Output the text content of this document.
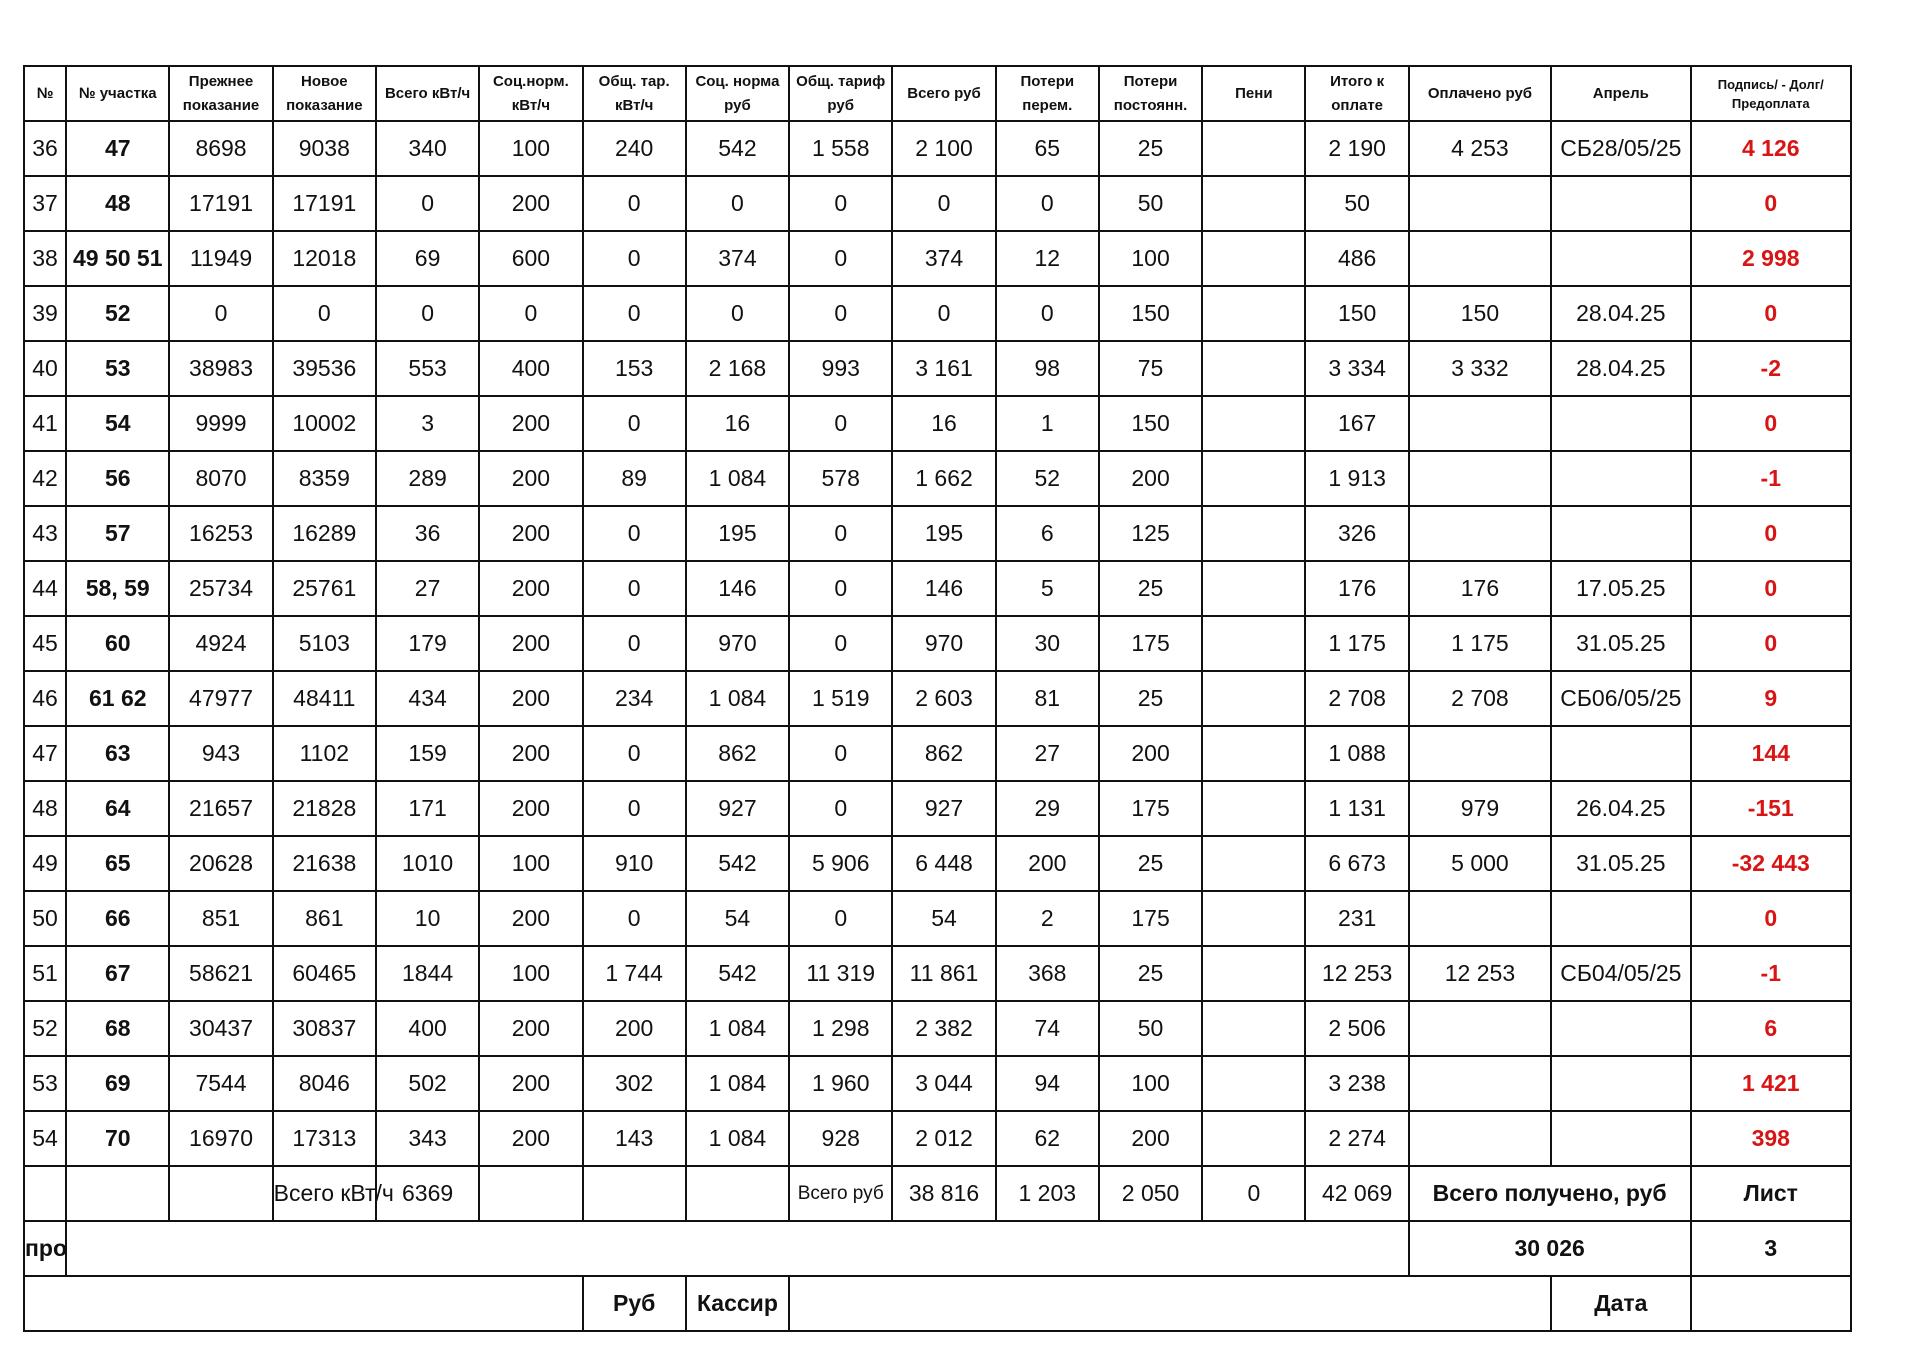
№	№ участка	Прежнее показание	Новое показание	Всего кВт/ч	Соц.норм. кВт/ч	Общ. тар. кВт/ч	Соц. норма руб	Общ. тариф руб	Всего руб	Потери перем.	Потери постоянн.	Пени	Итого к оплате	Оплачено руб	Апрель	Подпись/ - Долг/Предоплата
36	47	8698	9038	340	100	240	542	1 558	2 100	65	25		2 190	4 253	СБ28/05/25	4 126
37	48	17191	17191	0	200	0	0	0	0	0	50		50			0
38	49 50 51	11949	12018	69	600	0	374	0	374	12	100		486			2 998
39	52	0	0	0	0	0	0	0	0	0	150		150	150	28.04.25	0
40	53	38983	39536	553	400	153	2 168	993	3 161	98	75		3 334	3 332	28.04.25	-2
41	54	9999	10002	3	200	0	16	0	16	1	150		167			0
42	56	8070	8359	289	200	89	1 084	578	1 662	52	200		1 913			-1
43	57	16253	16289	36	200	0	195	0	195	6	125		326			0
44	58, 59	25734	25761	27	200	0	146	0	146	5	25		176	176	17.05.25	0
45	60	4924	5103	179	200	0	970	0	970	30	175		1 175	1 175	31.05.25	0
46	61 62	47977	48411	434	200	234	1 084	1 519	2 603	81	25		2 708	2 708	СБ06/05/25	9
47	63	943	1102	159	200	0	862	0	862	27	200		1 088			144
48	64	21657	21828	171	200	0	927	0	927	29	175		1 131	979	26.04.25	-151
49	65	20628	21638	1010	100	910	542	5 906	6 448	200	25		6 673	5 000	31.05.25	-32 443
50	66	851	861	10	200	0	54	0	54	2	175		231			0
51	67	58621	60465	1844	100	1 744	542	11 319	11 861	368	25		12 253	12 253	СБ04/05/25	-1
52	68	30437	30837	400	200	200	1 084	1 298	2 382	74	50		2 506			6
53	69	7544	8046	502	200	302	1 084	1 960	3 044	94	100		3 238			1 421
54	70	16970	17313	343	200	143	1 084	928	2 012	62	200		2 274			398
			Всего кВт/ч	6369				Всего руб	38 816	1 203	2 050	0	42 069	Всего получено, руб		Лист
про														30 026		3
						Руб	Кассир								Дата	
